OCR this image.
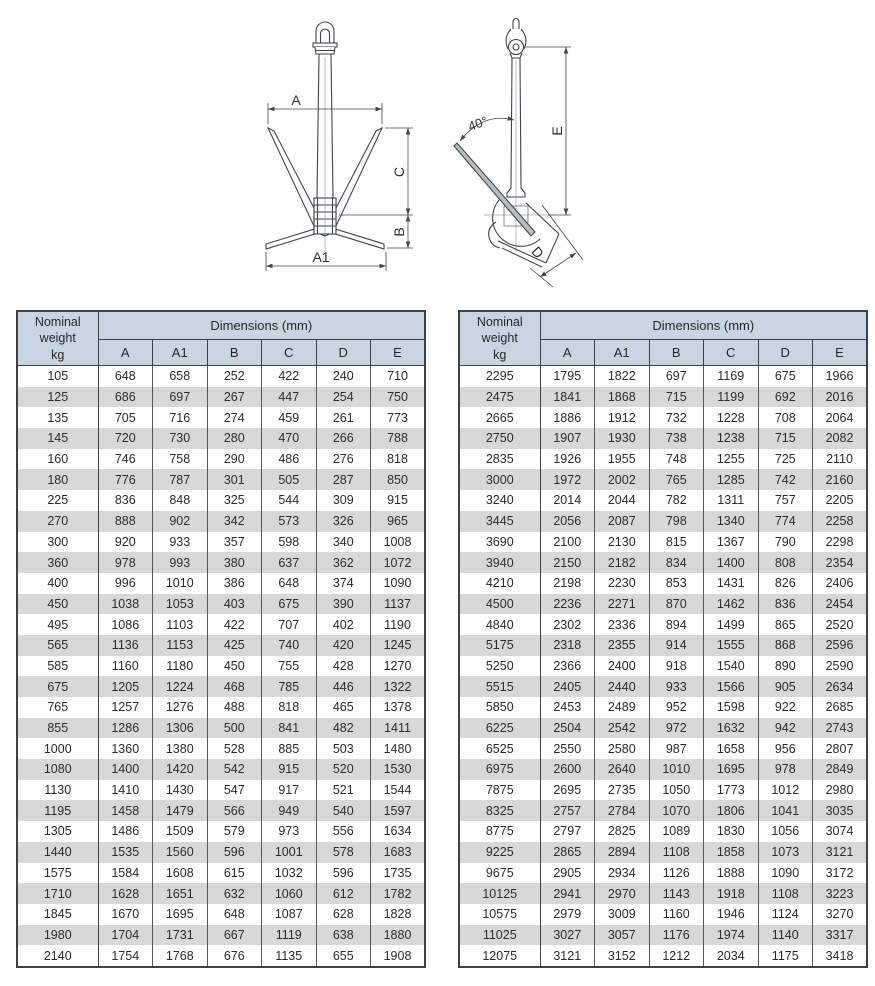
A
A1
C
B
40°	E
D
Nominal
weight
kg	Dimensions (mm)					
	A	A1	B	C	D	E
105	648	658	252	422	240	710
125	686	697	267	447	254	750
135	705	716	274	459	261	773
145	720	730	280	470	266	788
160	746	758	290	486	276	818
180	776	787	301	505	287	850
225	836	848	325	544	309	915
270	888	902	342	573	326	965
300	920	933	357	598	340	1008
360	978	993	380	637	362	1072
400	996	1010	386	648	374	1090
450	1038	1053	403	675	390	1137
495	1086	1103	422	707	402	1190
565	1136	1153	425	740	420	1245
585	1160	1180	450	755	428	1270
675	1205	1224	468	785	446	1322
765	1257	1276	488	818	465	1378
855	1286	1306	500	841	482	1411
1000	1360	1380	528	885	503	1480
1080	1400	1420	542	915	520	1530
1130	1410	1430	547	917	521	1544
1195	1458	1479	566	949	540	1597
1305	1486	1509	579	973	556	1634
1440	1535	1560	596	1001	578	1683
1575	1584	1608	615	1032	596	1735
1710	1628	1651	632	1060	612	1782
1845	1670	1695	648	1087	628	1828
1980	1704	1731	667	1119	638	1880
2140	1754	1768	676	1135	655	1908
Nominal
weight
kg	Dimensions (mm)					
	A	A1	B	C	D	E
2295	1795	1822	697	1169	675	1966
2475	1841	1868	715	1199	692	2016
2665	1886	1912	732	1228	708	2064
2750	1907	1930	738	1238	715	2082
2835	1926	1955	748	1255	725	2110
3000	1972	2002	765	1285	742	2160
3240	2014	2044	782	1311	757	2205
3445	2056	2087	798	1340	774	2258
3690	2100	2130	815	1367	790	2298
3940	2150	2182	834	1400	808	2354
4210	2198	2230	853	1431	826	2406
4500	2236	2271	870	1462	836	2454
4840	2302	2336	894	1499	865	2520
5175	2318	2355	914	1555	868	2596
5250	2366	2400	918	1540	890	2590
5515	2405	2440	933	1566	905	2634
5850	2453	2489	952	1598	922	2685
6225	2504	2542	972	1632	942	2743
6525	2550	2580	987	1658	956	2807
6975	2600	2640	1010	1695	978	2849
7875	2695	2735	1050	1773	1012	2980
8325	2757	2784	1070	1806	1041	3035
8775	2797	2825	1089	1830	1056	3074
9225	2865	2894	1108	1858	1073	3121
9675	2905	2934	1126	1888	1090	3172
10125	2941	2970	1143	1918	1108	3223
10575	2979	3009	1160	1946	1124	3270
11025	3027	3057	1176	1974	1140	3317
12075	3121	3152	1212	2034	1175	3418
